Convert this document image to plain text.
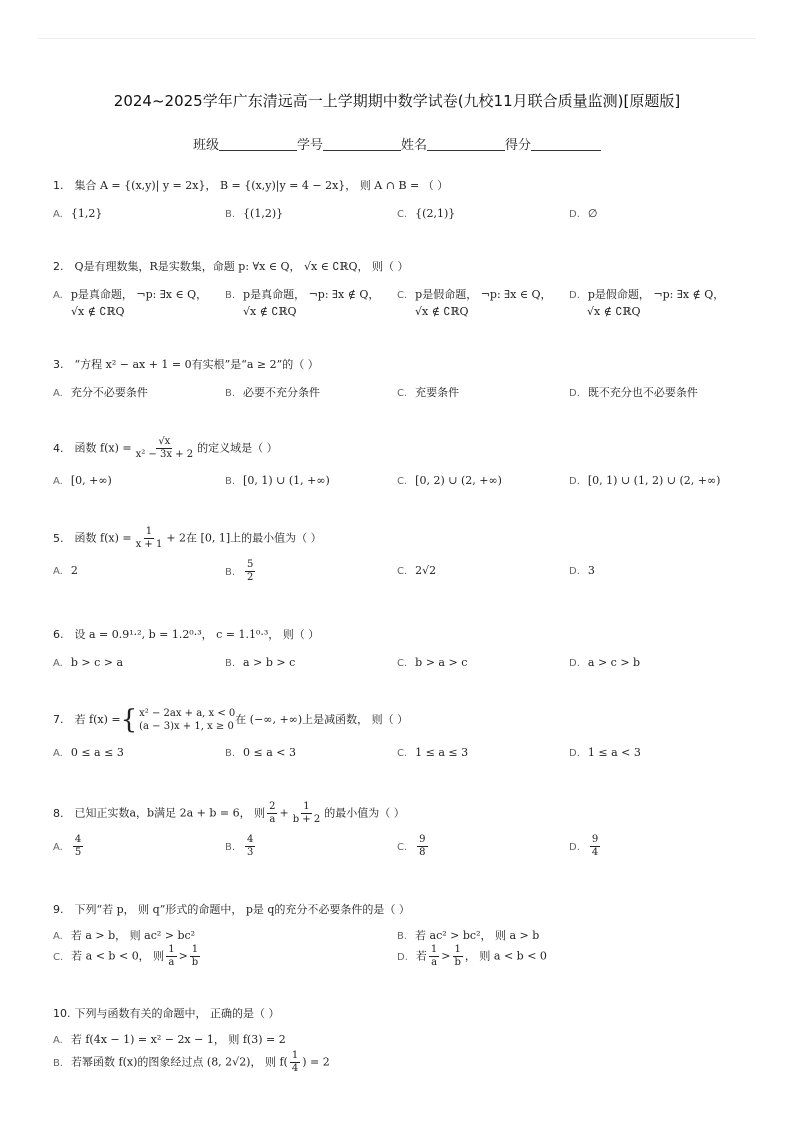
2024~2025学年广东清远高一上学期期中数学试卷(九校11月联合质量监测)[原题版]
班级	学号	姓名	得分
1. 集合 A = {(x,y)| y = 2x}， B = {(x,y)|y = 4 − 2x}， 则 A ∩ B = （ ）
A. {1,2}	B. {(1,2)}	C. {(2,1)}	D. ∅
2. Q是有理数集，R是实数集，命题 p: ∀x ∈ Q， √x ∈ ∁ℝQ， 则（ ）
A. p是真命题， ¬p: ∃x ∈ Q，
√x ∉ ∁ℝQ
B. p是真命题， ¬p: ∃x ∉ Q，
√x ∉ ∁ℝQ
C. p是假命题， ¬p: ∃x ∈ Q，
√x ∉ ∁ℝQ
D. p是假命题， ¬p: ∃x ∉ Q，
√x ∉ ∁ℝQ
3. “方程 x² − ax + 1 = 0有实根”是“a ≥ 2”的（ ）
A. 充分不必要条件	B. 必要不充分条件	C. 充要条件	D. 既不充分也不必要条件
4. 函数 $f(x) = \frac{√x}{\text{x² − 3x + 2}}$ 的定义域是（ ）
A. [0, +∞)	B. [0, 1) ∪ (1, +∞)	C. [0, 2) ∪ (2, +∞)	D. [0, 1) ∪ (1, 2) ∪ (2, +∞)
5. 函数 $f(x) = \frac{1}{x + 1} + 2$在 [0, 1]上的最小值为（ ）
A. 2	B. $\frac{5}{2}$	C. 2√2	D. 3
6. 设 a = 0.9¹·², b = 1.2⁰·³， c = 1.1⁰·³， 则（ ）
A. b > c > a	B. a > b > c	C. b > a > c	D. a > c > b
7. 若 f(x) = { x² − 2ax + a, x < 0
(a − 3)x + 1, x ≥ 0
在 (−∞, +∞)上是减函数， 则（ ）
A. 0 ≤ a ≤ 3	B. 0 ≤ a < 3	C. 1 ≤ a ≤ 3	D. 1 ≤ a < 3
8. 已知正实数a，b满足 2a + b = 6， 则 $\frac{2}{a} + \frac{1}{b + 2}$ 的最小值为（ ）
A. $\frac{4}{5}$	B. $\frac{4}{3}$	C. $\frac{9}{8}$	D. $\frac{9}{4}$
9. 下列“若 p， 则 q”形式的命题中， p是 q的充分不必要条件的是（ ）
A. 若 a > b， 则 ac² > bc²	B. 若 ac² > bc²， 则 a > b
C. 若 a < b < 0， 则 $\frac{1}{a} > \frac{1}{b}$	D. 若 $\frac{1}{a} > \frac{1}{b}$ ， 则 a < b < 0
10. 下列与函数有关的命题中， 正确的是（ ）
A. 若 f(4x − 1) = x² − 2x − 1， 则 f(3) = 2
B. 若幂函数 f(x)的图象经过点 (8, 2√2)， 则 $f( \frac{1}{4}$ ) = 2
